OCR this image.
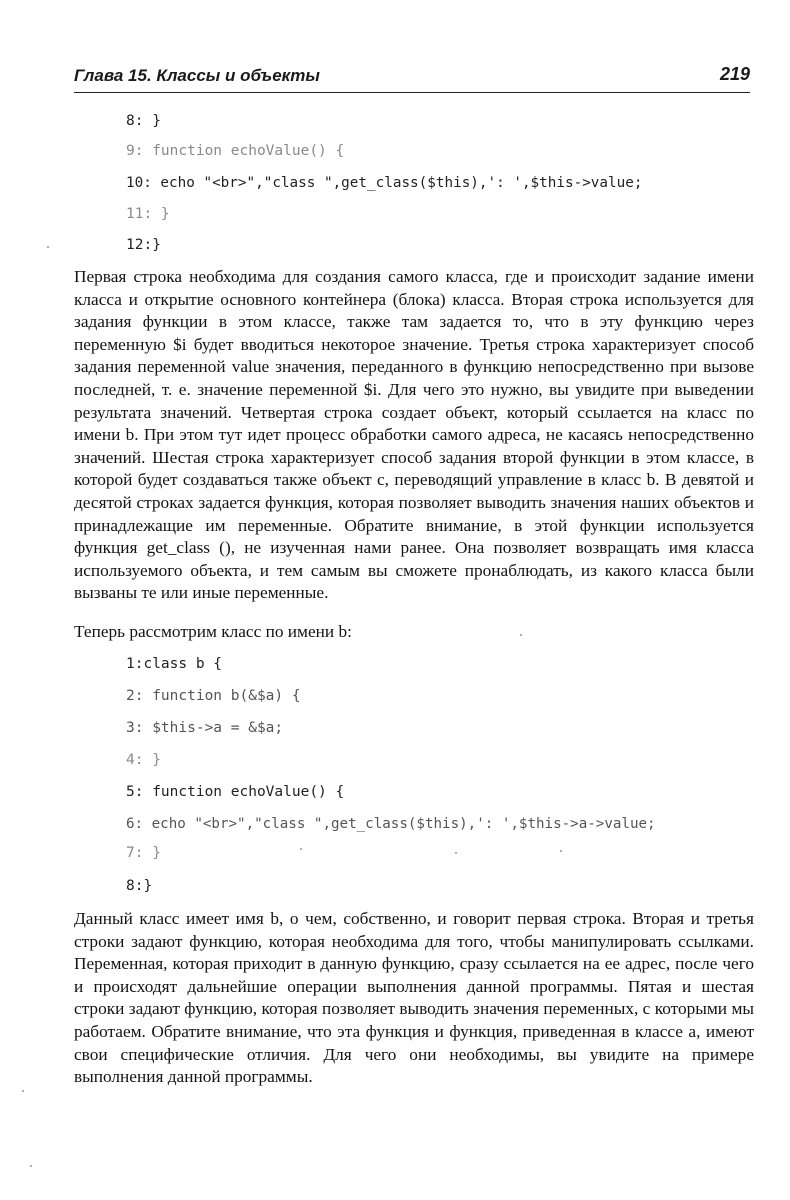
Глава 15. Классы и объекты	219
8: }
9: function echoValue() {
10: echo "<br>","class ",get_class($this),': ',$this->value;
11: }
12:}
Первая строка необходима для создания самого класса, где и происходит задание имени класса и открытие основного контейнера (блока) класса. Вторая строка используется для задания функции в этом классе, также там задается то, что в эту функцию через переменную $i будет вводиться некоторое значение. Третья строка характеризует способ задания переменной value значения, переданного в функцию непосредственно при вызове последней, т. е. значение переменной $i. Для чего это нужно, вы увидите при выведении результата значений. Четвертая строка создает объект, который ссылается на класс по имени b. При этом тут идет процесс обработки самого адреса, не касаясь непосредственно значений. Шестая строка характеризует способ задания второй функции в этом классе, в которой будет создаваться также объект с, переводящий управление в класс b. В девятой и десятой строках задается функция, которая позволяет выводить значения наших объектов и принадлежащие им переменные. Обратите внимание, в этой функции используется функция get_class (), не изученная нами ранее. Она позволяет возвращать имя класса используемого объекта, и тем самым вы сможете пронаблюдать, из какого класса были вызваны те или иные переменные.
Теперь рассмотрим класс по имени b:
1:class b {
2: function b(&$a) {
3: $this->a = &$a;
4: }
5: function echoValue() {
6: echo "<br>","class ",get_class($this),': ',$this->a->value;
7: }
8:}
Данный класс имеет имя b, о чем, собственно, и говорит первая строка. Вторая и третья строки задают функцию, которая необходима для того, чтобы манипулировать ссылками. Переменная, которая приходит в данную функцию, сразу ссылается на ее адрес, после чего и происходят дальнейшие операции выполнения данной программы. Пятая и шестая строки задают функцию, которая позволяет выводить значения переменных, с которыми мы работаем. Обратите внимание, что эта функция и функция, приведенная в классе а, имеют свои специфические отличия. Для чего они необходимы, вы увидите на примере выполнения данной программы.
